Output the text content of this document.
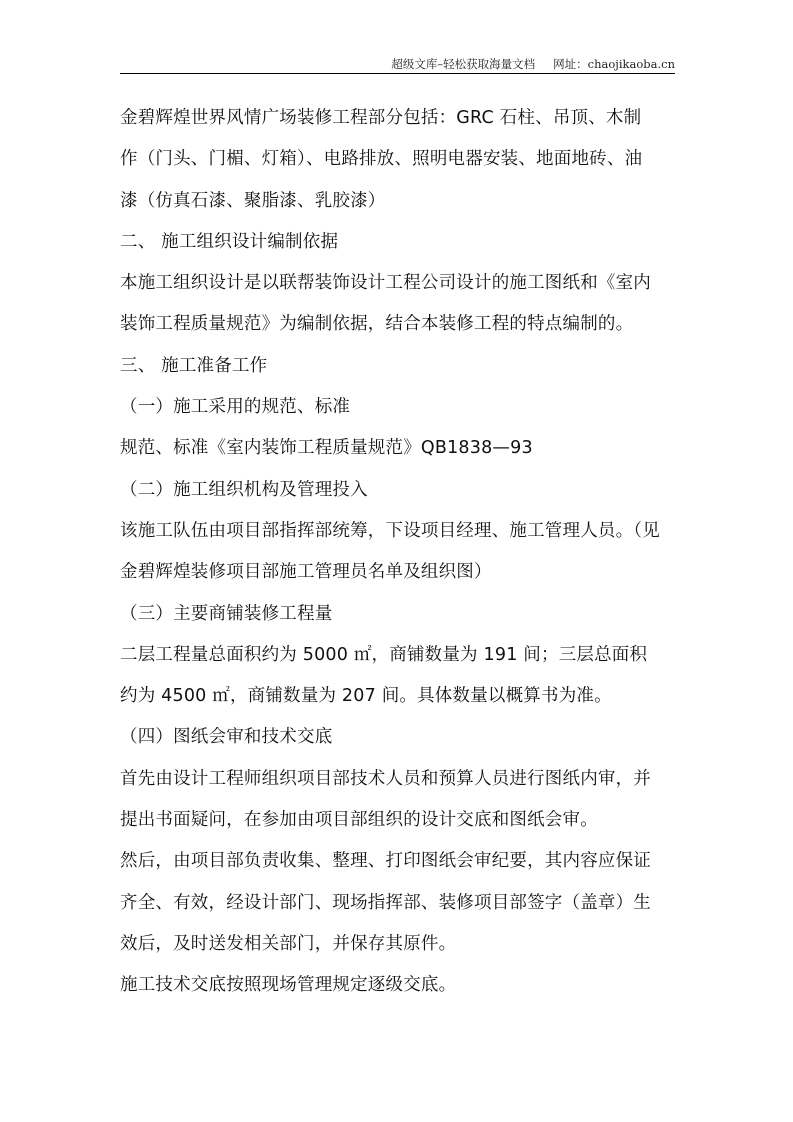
超级文库–轻松获取海量文档 网址：chaojikaoba.cn
金碧辉煌世界风情广场装修工程部分包括：GRC 石柱、吊顶、木制
作（门头、门楣、灯箱）、电路排放、照明电器安装、地面地砖、油
漆（仿真石漆、聚脂漆、乳胶漆）
二、 施工组织设计编制依据
本施工组织设计是以联帮装饰设计工程公司设计的施工图纸和《室内
装饰工程质量规范》为编制依据，结合本装修工程的特点编制的。
三、 施工准备工作
（一）施工采用的规范、标准
规范、标准《室内装饰工程质量规范》QB1838—93
（二）施工组织机构及管理投入
该施工队伍由项目部指挥部统筹，下设项目经理、施工管理人员。（见
金碧辉煌装修项目部施工管理员名单及组织图）
（三）主要商铺装修工程量
二层工程量总面积约为 5000 ㎡，商铺数量为 191 间；三层总面积
约为 4500 ㎡，商铺数量为 207 间。具体数量以概算书为准。
（四）图纸会审和技术交底
首先由设计工程师组织项目部技术人员和预算人员进行图纸内审，并
提出书面疑问，在参加由项目部组织的设计交底和图纸会审。
然后，由项目部负责收集、整理、打印图纸会审纪要，其内容应保证
齐全、有效，经设计部门、现场指挥部、装修项目部签字（盖章）生
效后，及时送发相关部门，并保存其原件。
施工技术交底按照现场管理规定逐级交底。
